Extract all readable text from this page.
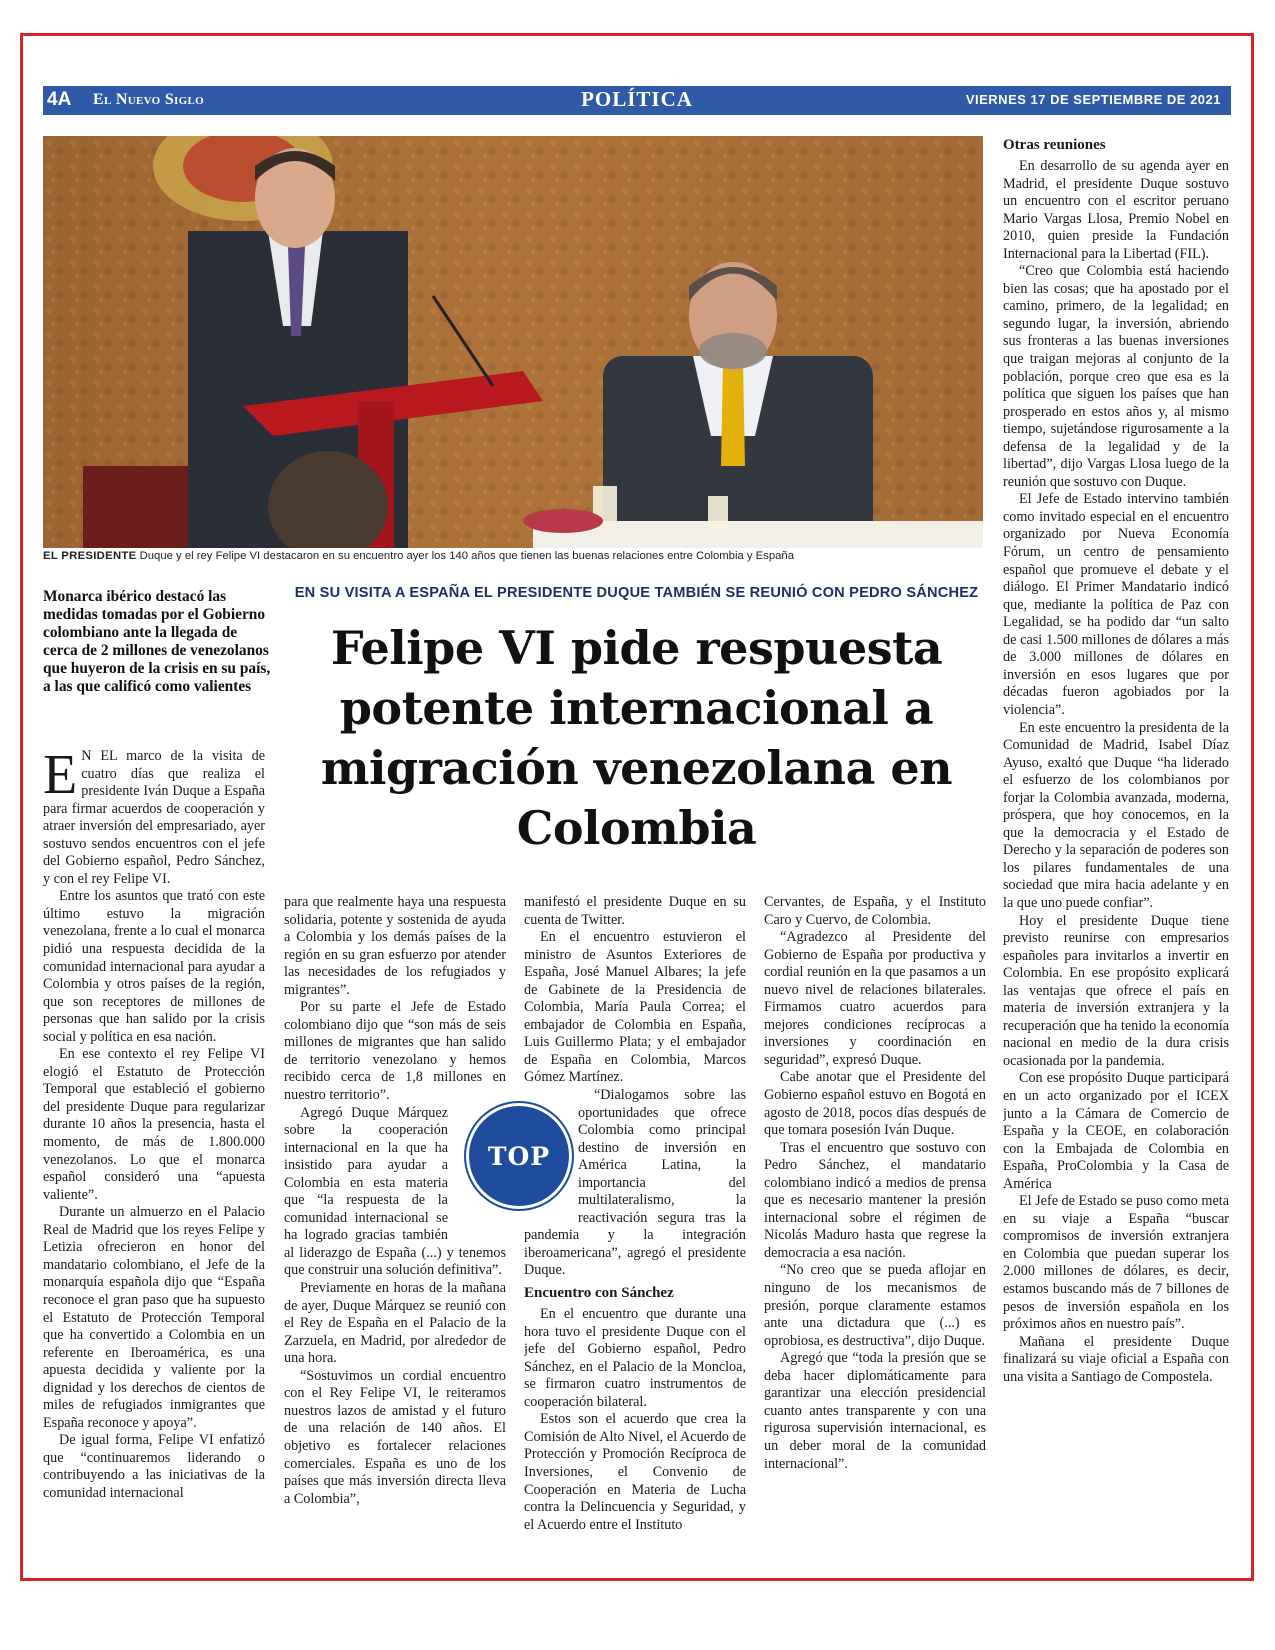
4A El Nuevo Siglo	POLÍTICA	VIERNES 17 DE SEPTIEMBRE DE 2021
EL PRESIDENTE Duque y el rey Felipe VI destacaron en su encuentro ayer los 140 años que tienen las buenas relaciones entre Colombia y España
Monarca ibérico destacó las medidas tomadas por el Gobierno colombiano ante la llegada de cerca de 2 millones de venezolanos que huyeron de la crisis en su país, a las que calificó como valientes
EN SU VISITA A ESPAÑA EL PRESIDENTE DUQUE TAMBIÉN SE REUNIÓ CON PEDRO SÁNCHEZ
Felipe VI pide respuesta potente internacional a migración venezolana en Colombia

E N EL marco de la visita de cuatro días que realiza el presidente Iván Duque a España para firmar acuerdos de cooperación y atraer inversión del empresariado, ayer sostuvo sendos encuentros con el jefe del Gobierno español, Pedro Sánchez, y con el rey Felipe VI.

Entre los asuntos que trató con este último estuvo la migración venezolana, frente a lo cual el monarca pidió una respuesta decidida de la comunidad internacional para ayudar a Colombia y otros países de la región, que son receptores de millones de personas que han salido por la crisis social y política en esa nación.

En ese contexto el rey Felipe VI elogió el Estatuto de Protección Temporal que estableció el gobierno del presidente Duque para regularizar durante 10 años la presencia, hasta el momento, de más de 1.800.000 venezolanos. Lo que el monarca español consideró una “apuesta valiente”.

Durante un almuerzo en el Palacio Real de Madrid que los reyes Felipe y Letizia ofrecieron en honor del mandatario colombiano, el Jefe de la monarquía española dijo que “España reconoce el gran paso que ha supuesto el Estatuto de Protección Temporal que ha convertido a Colombia en un referente en Iberoamérica, es una apuesta decidida y valiente por la dignidad y los derechos de cientos de miles de refugiados inmigrantes que España reconoce y apoya”.

De igual forma, Felipe VI enfatizó que “continuaremos liderando o contribuyendo a las iniciativas de la comunidad internacional

para que realmente haya una respuesta solidaria, potente y sostenida de ayuda a Colombia y los demás países de la región en su gran esfuerzo por atender las necesidades de los refugiados y migrantes”.

Por su parte el Jefe de Estado colombiano dijo que “son más de seis millones de migrantes que han salido de territorio venezolano y hemos recibido cerca de 1,8 millones en nuestro territorio”.

Agregó Duque Márquez sobre la cooperación internacional en la que ha insistido para ayudar a Colombia en esta materia que “la respuesta de la comunidad internacional se ha logrado gracias también al liderazgo de España (...) y tenemos que construir una solución definitiva”.

Previamente en horas de la mañana de ayer, Duque Márquez se reunió con el Rey de España en el Palacio de la Zarzuela, en Madrid, por alrededor de una hora.

“Sostuvimos un cordial encuentro con el Rey Felipe VI, le reiteramos nuestros lazos de amistad y el futuro de una relación de 140 años. El objetivo es fortalecer relaciones comerciales. España es uno de los países que más inversión directa lleva a Colombia”,

manifestó el presidente Duque en su cuenta de Twitter.

En el encuentro estuvieron el ministro de Asuntos Exteriores de España, José Manuel Albares; la jefe de Gabinete de la Presidencia de Colombia, María Paula Correa; el embajador de Colombia en España, Luis Guillermo Plata; y el embajador de España en Colombia, Marcos Gómez Martínez.

“Dialogamos sobre las oportunidades que ofrece Colombia como principal destino de inversión en América Latina, la importancia del multilateralismo, la reactivación segura tras la pandemia y la integración iberoamericana”, agregó el presidente Duque.

Encuentro con Sánchez

En el encuentro que durante una hora tuvo el presidente Duque con el jefe del Gobierno español, Pedro Sánchez, en el Palacio de la Moncloa, se firmaron cuatro instrumentos de cooperación bilateral.

Estos son el acuerdo que crea la Comisión de Alto Nivel, el Acuerdo de Protección y Promoción Recíproca de Inversiones, el Convenio de Cooperación en Materia de Lucha contra la Delincuencia y Seguridad, y el Acuerdo entre el Instituto

Cervantes, de España, y el Instituto Caro y Cuervo, de Colombia.

“Agradezco al Presidente del Gobierno de España por productiva y cordial reunión en la que pasamos a un nuevo nivel de relaciones bilaterales. Firmamos cuatro acuerdos para mejores condiciones recíprocas a inversiones y coordinación en seguridad”, expresó Duque.

Cabe anotar que el Presidente del Gobierno español estuvo en Bogotá en agosto de 2018, pocos días después de que tomara posesión Iván Duque.

Tras el encuentro que sostuvo con Pedro Sánchez, el mandatario colombiano indicó a medios de prensa que es necesario mantener la presión internacional sobre el régimen de Nicolás Maduro hasta que regrese la democracia a esa nación.

“No creo que se pueda aflojar en ninguno de los mecanismos de presión, porque claramente estamos ante una dictadura que (...) es oprobiosa, es destructiva”, dijo Duque.

Agregó que “toda la presión que se deba hacer diplomáticamente para garantizar una elección presidencial cuanto antes transparente y con una rigurosa supervisión internacional, es un deber moral de la comunidad internacional”.

Otras reuniones

En desarrollo de su agenda ayer en Madrid, el presidente Duque sostuvo un encuentro con el escritor peruano Mario Vargas Llosa, Premio Nobel en 2010, quien preside la Fundación Internacional para la Libertad (FIL).

“Creo que Colombia está haciendo bien las cosas; que ha apostado por el camino, primero, de la legalidad; en segundo lugar, la inversión, abriendo sus fronteras a las buenas inversiones que traigan mejoras al conjunto de la población, porque creo que esa es la política que siguen los países que han prosperado en estos años y, al mismo tiempo, sujetándose rigurosamente a la defensa de la legalidad y de la libertad”, dijo Vargas Llosa luego de la reunión que sostuvo con Duque.

El Jefe de Estado intervino también como invitado especial en el encuentro organizado por Nueva Economía Fórum, un centro de pensamiento español que promueve el debate y el diálogo. El Primer Mandatario indicó que, mediante la política de Paz con Legalidad, se ha podido dar “un salto de casi 1.500 millones de dólares a más de 3.000 millones de dólares en inversión en esos lugares que por décadas fueron agobiados por la violencia”.

En este encuentro la presidenta de la Comunidad de Madrid, Isabel Díaz Ayuso, exaltó que Duque “ha liderado el esfuerzo de los colombianos por forjar la Colombia avanzada, moderna, próspera, que hoy conocemos, en la que la democracia y el Estado de Derecho y la separación de poderes son los pilares fundamentales de una sociedad que mira hacia adelante y en la que uno puede confiar”.

Hoy el presidente Duque tiene previsto reunirse con empresarios españoles para invitarlos a invertir en Colombia. En ese propósito explicará las ventajas que ofrece el país en materia de inversión extranjera y la recuperación que ha tenido la economía nacional en medio de la dura crisis ocasionada por la pandemia.

Con ese propósito Duque participará en un acto organizado por el ICEX junto a la Cámara de Comercio de España y la CEOE, en colaboración con la Embajada de Colombia en España, ProColombia y la Casa de América

El Jefe de Estado se puso como meta en su viaje a España “buscar compromisos de inversión extranjera en Colombia que puedan superar los 2.000 millones de dólares, es decir, estamos buscando más de 7 billones de pesos de inversión española en los próximos años en nuestro país”.

Mañana el presidente Duque finalizará su viaje oficial a España con una visita a Santiago de Compostela.

TOP
